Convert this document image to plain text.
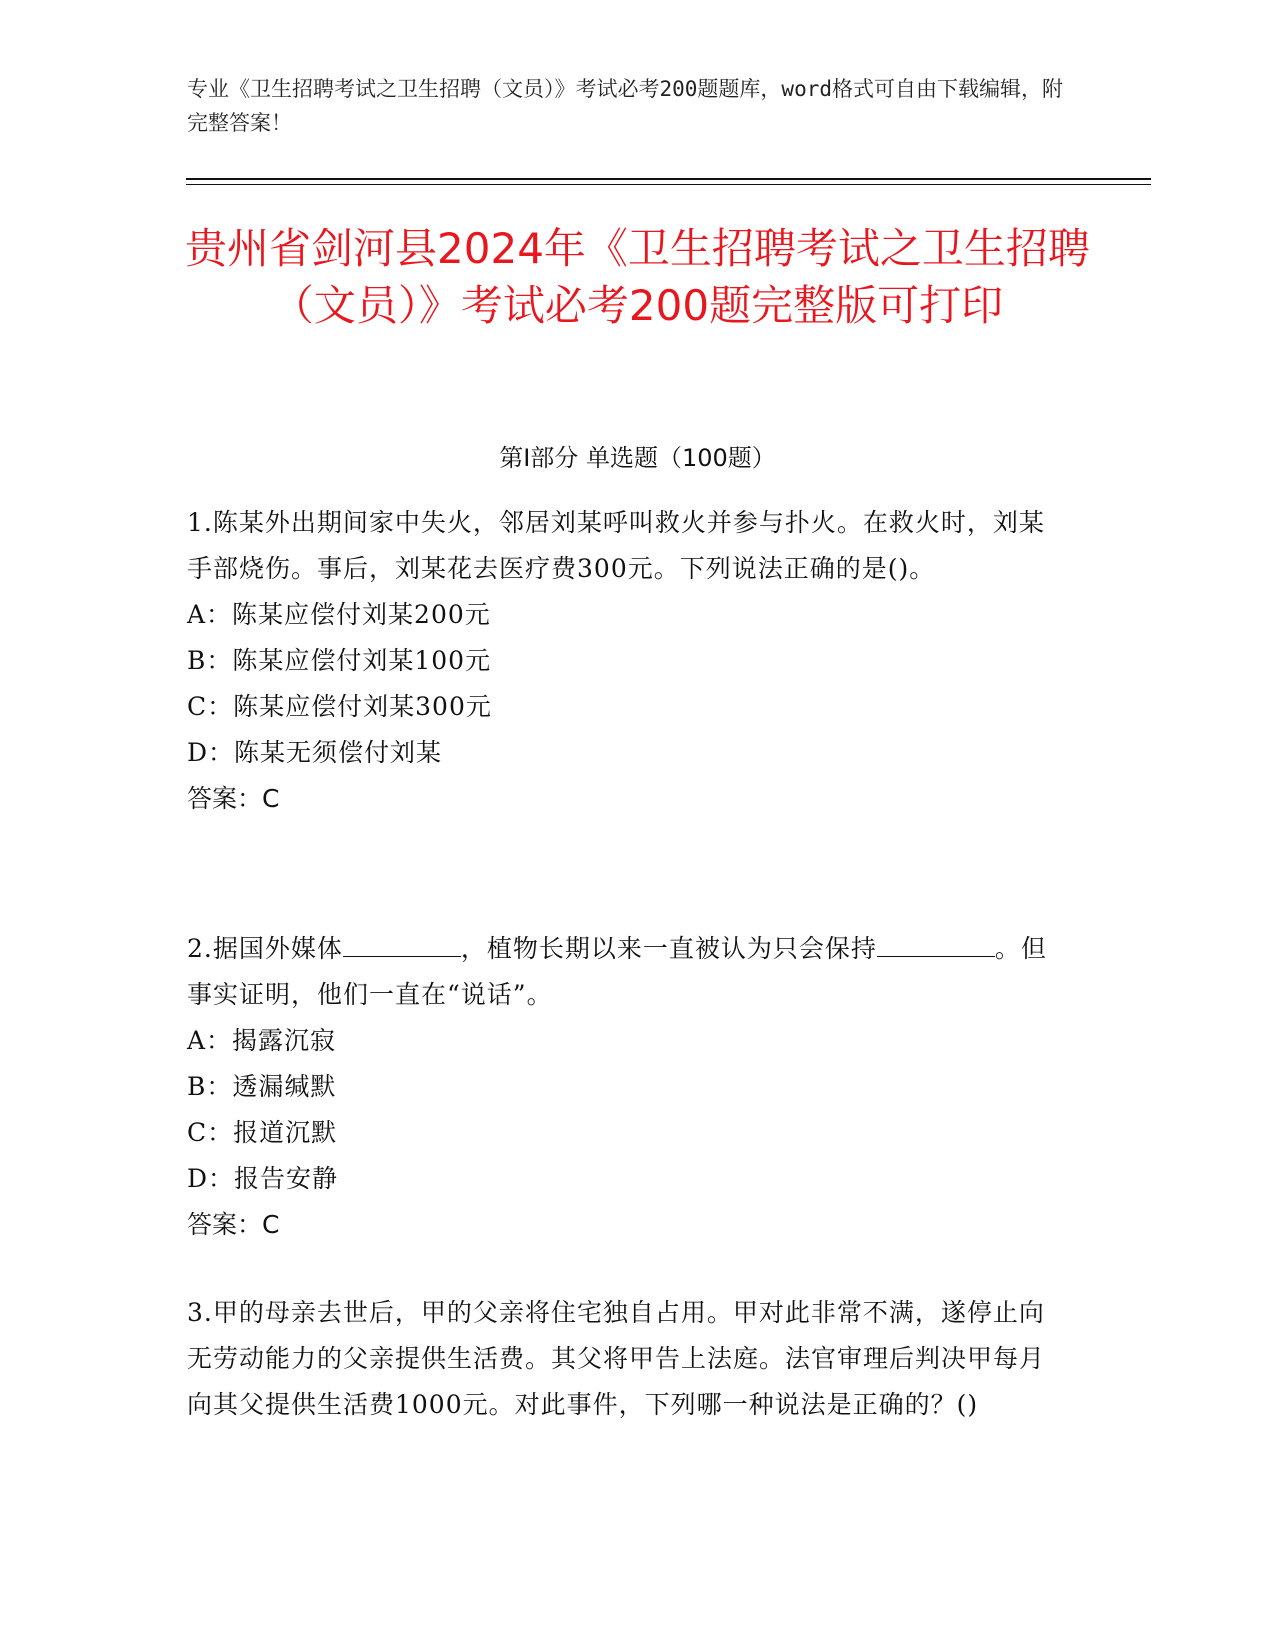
专业《卫生招聘考试之卫生招聘（文员）》考试必考200题题库，word格式可自由下载编辑，附完整答案！
贵州省剑河县2024年《卫生招聘考试之卫生招聘（文员）》考试必考200题完整版可打印
第I部分 单选题（100题）
1.陈某外出期间家中失火，邻居刘某呼叫救火并参与扑火。在救火时，刘某手部烧伤。事后，刘某花去医疗费300元。下列说法正确的是()。
A：陈某应偿付刘某200元
B：陈某应偿付刘某100元
C：陈某应偿付刘某300元
D：陈某无须偿付刘某
答案：C
2.据国外媒体	，植物长期以来一直被认为只会保持	。但事实证明，他们一直在“说话”。
A：揭露沉寂
B：透漏缄默
C：报道沉默
D：报告安静
答案：C
3.甲的母亲去世后，甲的父亲将住宅独自占用。甲对此非常不满，遂停止向无劳动能力的父亲提供生活费。其父将甲告上法庭。法官审理后判决甲每月向其父提供生活费1000元。对此事件，下列哪一种说法是正确的？()
